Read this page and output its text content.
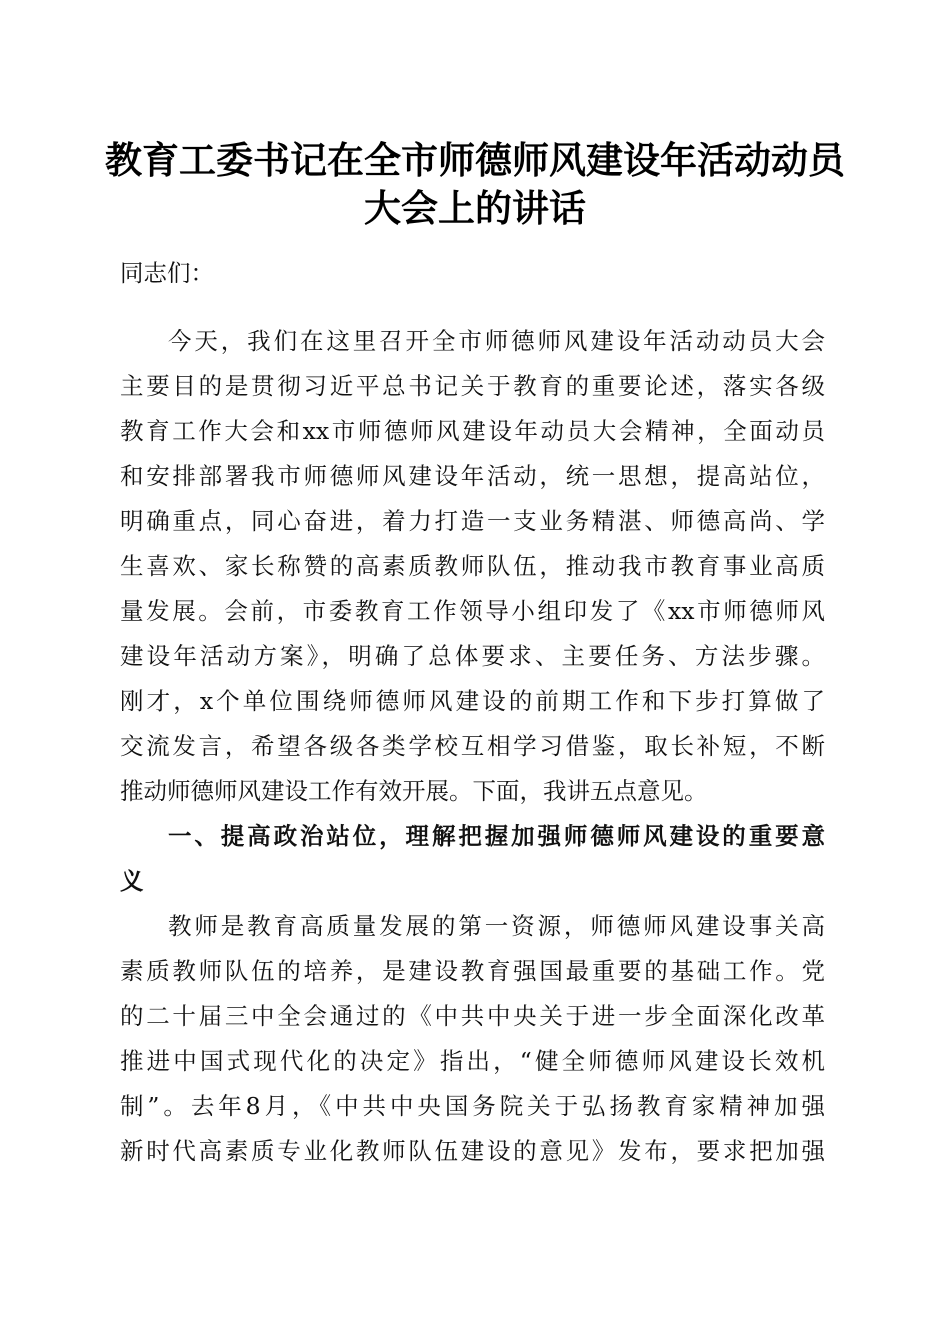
教育工委书记在全市师德师风建设年活动动员
大会上的讲话

同志们：

今天，我们在这里召开全市师德师风建设年活动动员大会

主要目的是贯彻习近平总书记关于教育的重要论述，落实各级

教育工作大会和xx市师德师风建设年动员大会精神，全面动员

和安排部署我市师德师风建设年活动，统一思想，提高站位，

明确重点，同心奋进，着力打造一支业务精湛、师德高尚、学

生喜欢、家长称赞的高素质教师队伍，推动我市教育事业高质

量发展。会前，市委教育工作领导小组印发了《xx市师德师风

建设年活动方案》，明确了总体要求、主要任务、方法步骤。

刚才，x个单位围绕师德师风建设的前期工作和下步打算做了

交流发言，希望各级各类学校互相学习借鉴，取长补短，不断

推动师德师风建设工作有效开展。下面，我讲五点意见。

一、提高政治站位，理解把握加强师德师风建设的重要意

义

教师是教育高质量发展的第一资源，师德师风建设事关高

素质教师队伍的培养，是建设教育强国最重要的基础工作。党

的二十届三中全会通过的《中共中央关于进一步全面深化改革

推进中国式现代化的决定》指出，“健全师德师风建设长效机

制”。去年8月，《中共中央国务院关于弘扬教育家精神加强

新时代高素质专业化教师队伍建设的意见》发布，要求把加强
